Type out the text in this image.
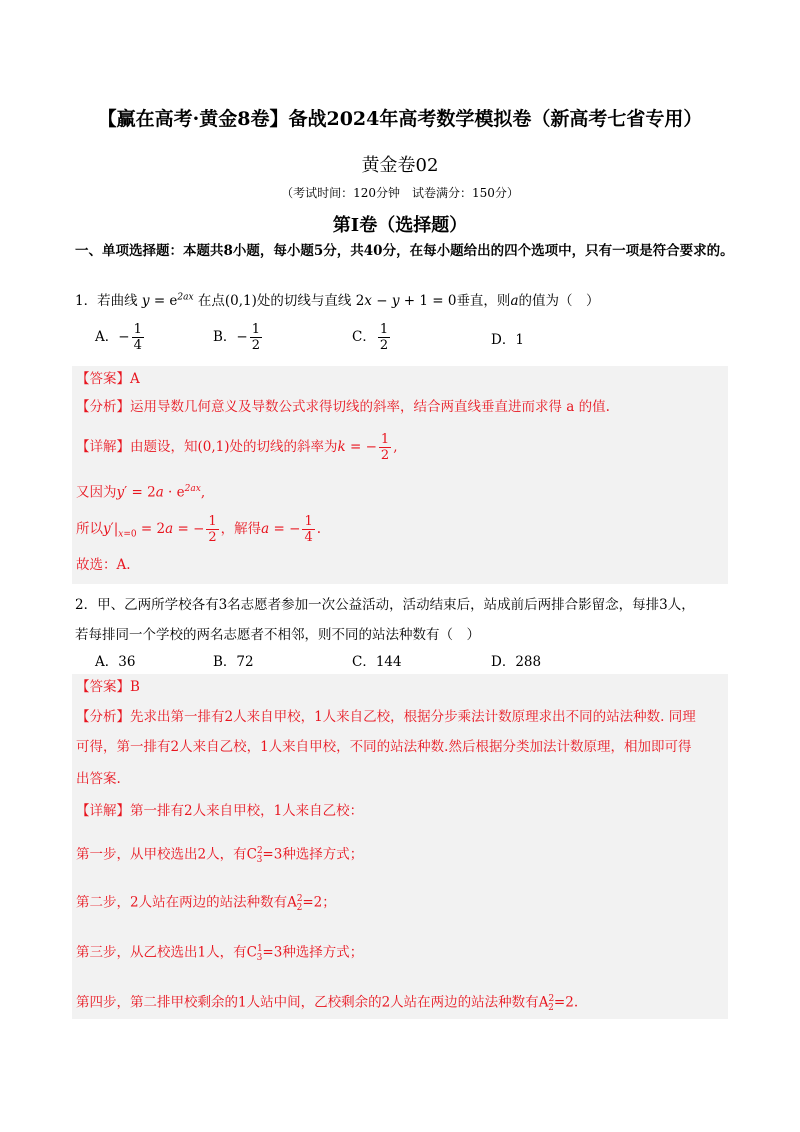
【赢在高考·黄金8卷】备战2024年高考数学模拟卷（新高考七省专用）
黄金卷02
（考试时间：120分钟　试卷满分：150分）
第I卷（选择题）
一、单项选择题：本题共8小题，每小题5分，共40分，在每小题给出的四个选项中，只有一项是符合要求的。
1．若曲线 $y = e^{2ax}$ 在点(0,1)处的切线与直线 2x − y + 1 = 0垂直，则a的值为（　）
A．− $\frac{1}{4}$	B．− $\frac{1}{2}$	C． $\frac{1}{2}$	D．1
【答案】A
【分析】运用导数几何意义及导数公式求得切线的斜率，结合两直线垂直进而求得 a 的值.
【详解】由题设，知(0,1)处的切线的斜率为k = − $\frac{1}{2}$ ,
又因为$y' = 2a \cdot e^{2ax}$,
所以$y'|_{x=0} = 2a$ = − $\frac{1}{2}$ ，解得a = − $\frac{1}{4}$ .
故选：A.
2．甲、乙两所学校各有3名志愿者参加一次公益活动，活动结束后，站成前后两排合影留念，每排3人，
若每排同一个学校的两名志愿者不相邻，则不同的站法种数有（　）
A．36	B．72	C．144	D．288
【答案】B
【分析】先求出第一排有2人来自甲校，1人来自乙校，根据分步乘法计数原理求出不同的站法种数. 同理
可得，第一排有2人来自乙校，1人来自甲校，不同的站法种数.然后根据分类加法计数原理，相加即可得
出答案.
【详解】第一排有2人来自甲校，1人来自乙校：
第一步，从甲校选出2人，有$C^2_3=3$种选择方式；
第二步，2人站在两边的站法种数有$A^2_2=2$；
第三步，从乙校选出1人，有$C^1_3=3$种选择方式；
第四步，第二排甲校剩余的1人站中间，乙校剩余的2人站在两边的站法种数有$A^2_2=2$.
